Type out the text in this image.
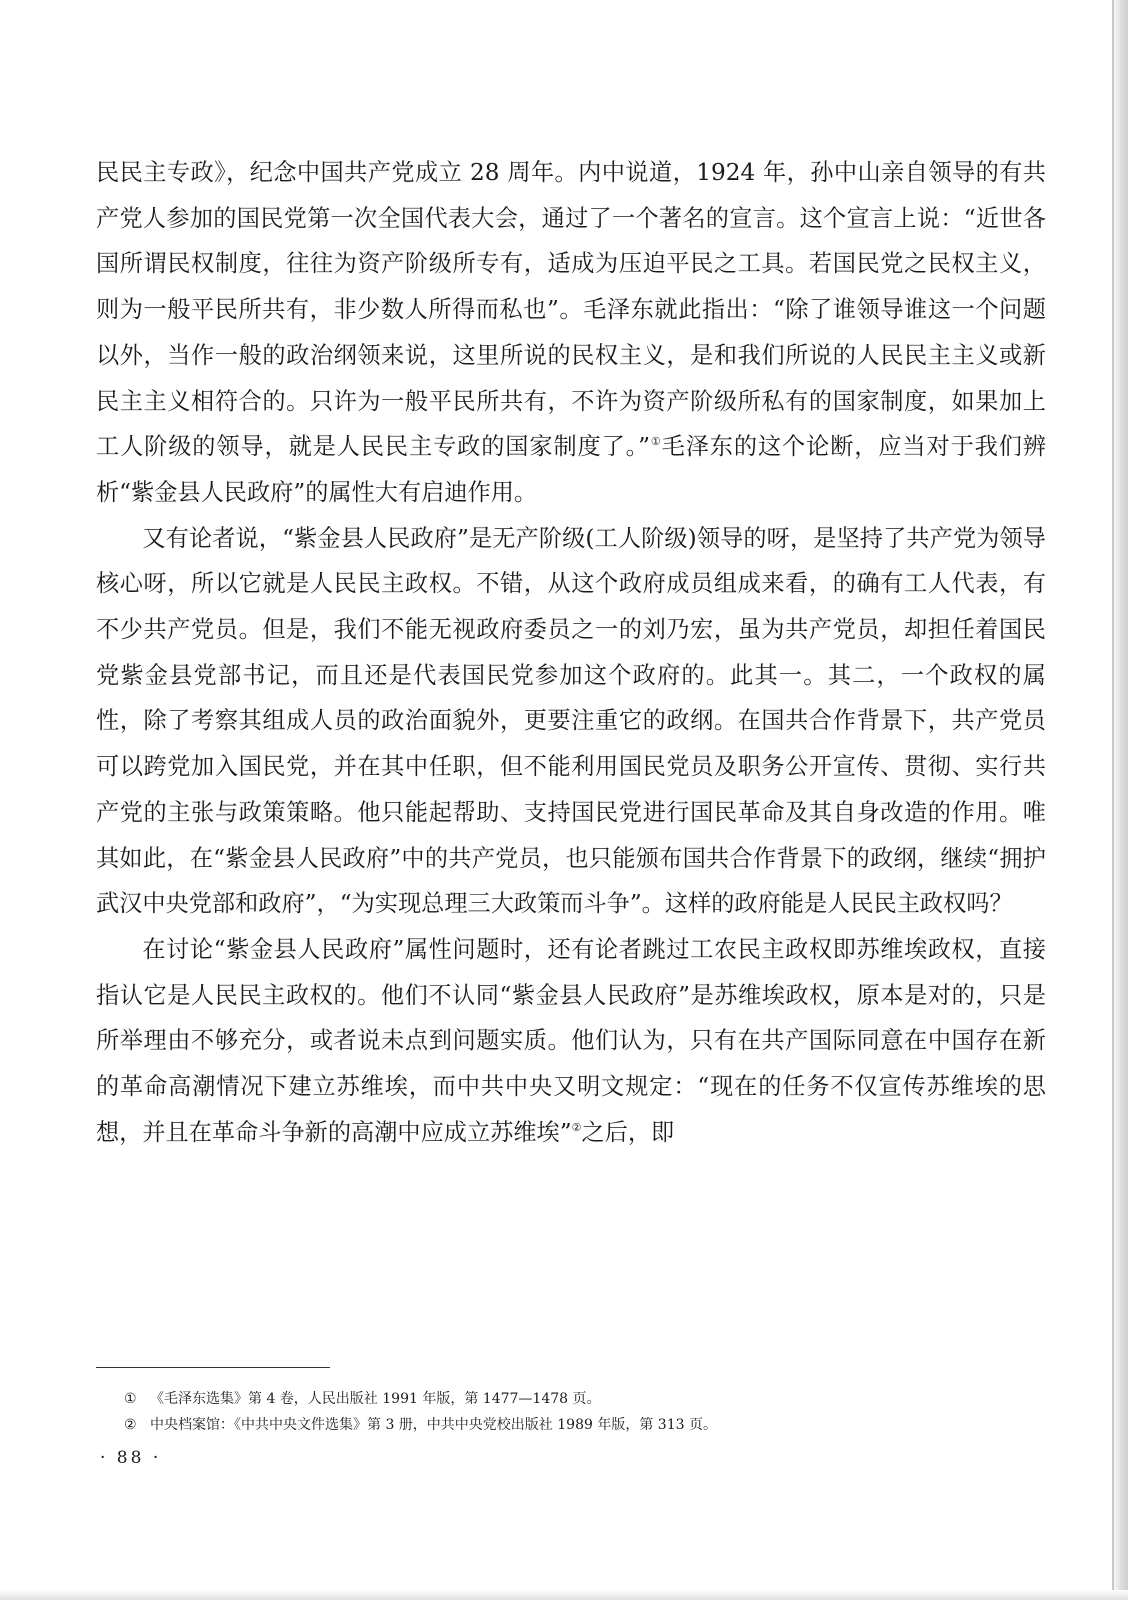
民民主专政》，纪念中国共产党成立 28 周年。内中说道，1924 年，孙中山亲自领导的有共产党人参加的国民党第一次全国代表大会，通过了一个著名的宣言。这个宣言上说：“近世各国所谓民权制度，往往为资产阶级所专有，适成为压迫平民之工具。若国民党之民权主义，则为一般平民所共有，非少数人所得而私也”。毛泽东就此指出：“除了谁领导谁这一个问题以外，当作一般的政治纲领来说，这里所说的民权主义，是和我们所说的人民民主主义或新民主主义相符合的。只许为一般平民所共有，不许为资产阶级所私有的国家制度，如果加上工人阶级的领导，就是人民民主专政的国家制度了。”①毛泽东的这个论断，应当对于我们辨析“紫金县人民政府”的属性大有启迪作用。

又有论者说，“紫金县人民政府”是无产阶级(工人阶级)领导的呀，是坚持了共产党为领导核心呀，所以它就是人民民主政权。不错，从这个政府成员组成来看，的确有工人代表，有不少共产党员。但是，我们不能无视政府委员之一的刘乃宏，虽为共产党员，却担任着国民党紫金县党部书记，而且还是代表国民党参加这个政府的。此其一。其二，一个政权的属性，除了考察其组成人员的政治面貌外，更要注重它的政纲。在国共合作背景下，共产党员可以跨党加入国民党，并在其中任职，但不能利用国民党员及职务公开宣传、贯彻、实行共产党的主张与政策策略。他只能起帮助、支持国民党进行国民革命及其自身改造的作用。唯其如此，在“紫金县人民政府”中的共产党员，也只能颁布国共合作背景下的政纲，继续“拥护武汉中央党部和政府”，“为实现总理三大政策而斗争”。这样的政府能是人民民主政权吗？

在讨论“紫金县人民政府”属性问题时，还有论者跳过工农民主政权即苏维埃政权，直接指认它是人民民主政权的。他们不认同“紫金县人民政府”是苏维埃政权，原本是对的，只是所举理由不够充分，或者说未点到问题实质。他们认为，只有在共产国际同意在中国存在新的革命高潮情况下建立苏维埃，而中共中央又明文规定：“现在的任务不仅宣传苏维埃的思想，并且在革命斗争新的高潮中应成立苏维埃”②之后，即

① 《毛泽东选集》第 4 卷，人民出版社 1991 年版，第 1477—1478 页。
② 中央档案馆：《中共中央文件选集》第 3 册，中共中央党校出版社 1989 年版，第 313 页。
· 88 ·
